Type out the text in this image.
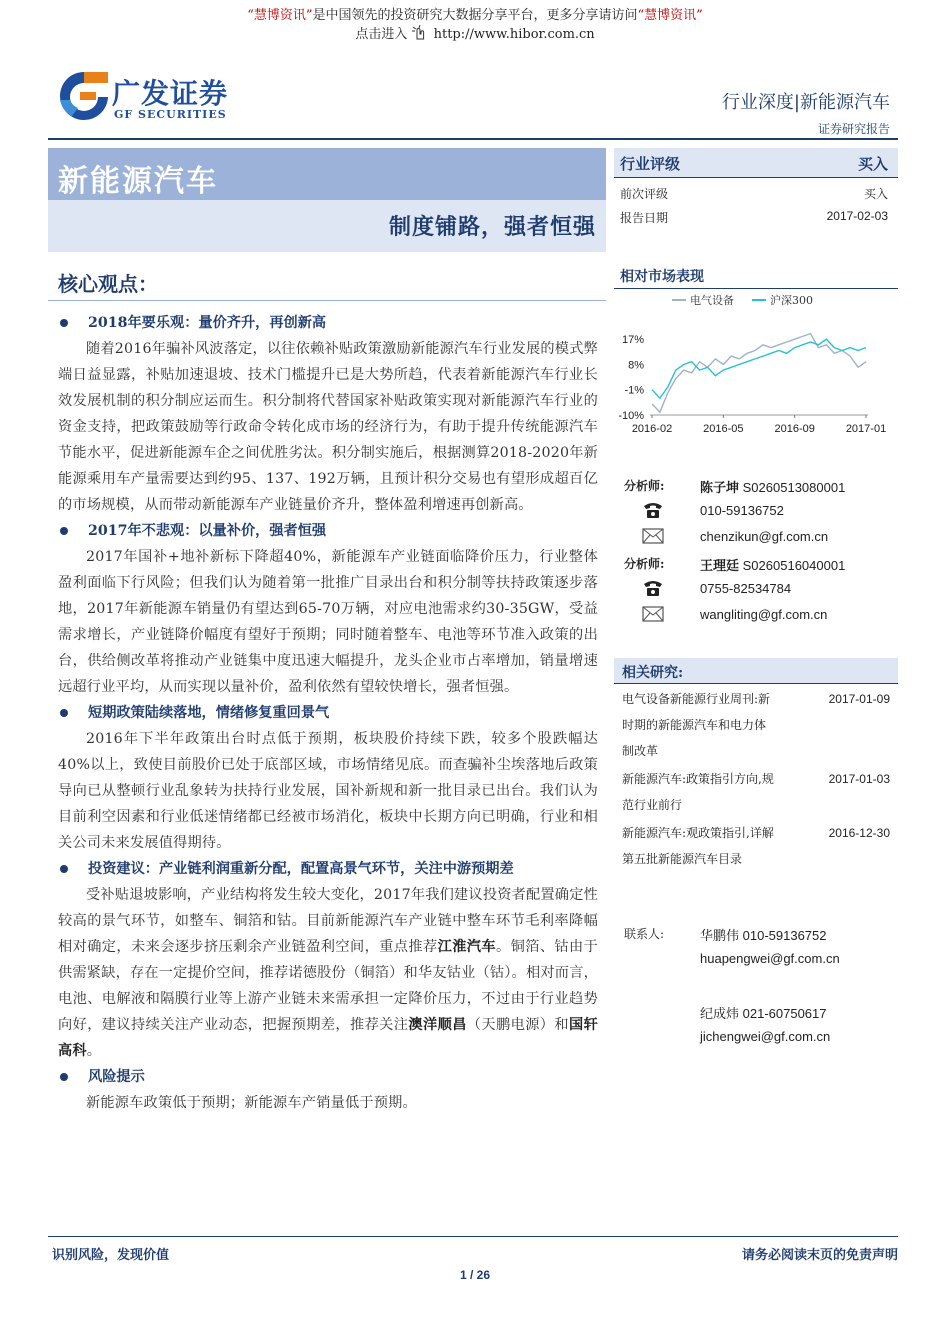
“慧博资讯”是中国领先的投资研究大数据分享平台，更多分享请访问“慧博资讯”
点击进入 http://www.hibor.com.cn
广发证券
GF SECURITIES
行业深度|新能源汽车
证券研究报告
新能源汽车
制度铺路，强者恒强
行业评级	买入
前次评级	买入
报告日期	2017-02-03
核心观点：
2018年要乐观：量价齐升，再创新高
随着2016年骗补风波落定，以往依赖补贴政策激励新能源汽车行业发展的模式弊端日益显露，补贴加速退坡、技术门槛提升已是大势所趋，代表着新能源汽车行业长效发展机制的积分制应运而生。积分制将代替国家补贴政策实现对新能源汽车行业的资金支持，把政策鼓励等行政命令转化成市场的经济行为，有助于提升传统能源汽车节能水平，促进新能源车企之间优胜劣汰。积分制实施后，根据测算2018-2020年新能源乘用车产量需要达到约95、137、192万辆，且预计积分交易也有望形成超百亿的市场规模，从而带动新能源车产业链量价齐升，整体盈利增速再创新高。
2017年不悲观：以量补价，强者恒强
2017年国补+地补新标下降超40%，新能源车产业链面临降价压力，行业整体盈利面临下行风险；但我们认为随着第一批推广目录出台和积分制等扶持政策逐步落地，2017年新能源车销量仍有望达到65-70万辆，对应电池需求约30-35GW，受益需求增长，产业链降价幅度有望好于预期；同时随着整车、电池等环节准入政策的出台，供给侧改革将推动产业链集中度迅速大幅提升，龙头企业市占率增加，销量增速远超行业平均，从而实现以量补价，盈利依然有望较快增长，强者恒强。
短期政策陆续落地，情绪修复重回景气
2016年下半年政策出台时点低于预期，板块股价持续下跌，较多个股跌幅达40%以上，致使目前股价已处于底部区域，市场情绪见底。而查骗补尘埃落地后政策导向已从整顿行业乱象转为扶持行业发展，国补新规和新一批目录已出台。我们认为目前利空因素和行业低迷情绪都已经被市场消化，板块中长期方向已明确，行业和相关公司未来发展值得期待。
投资建议：产业链利润重新分配，配置高景气环节，关注中游预期差
受补贴退坡影响，产业结构将发生较大变化，2017年我们建议投资者配置确定性较高的景气环节，如整车、铜箔和钴。目前新能源汽车产业链中整车环节毛利率降幅相对确定，未来会逐步挤压剩余产业链盈利空间，重点推荐江淮汽车。铜箔、钴由于供需紧缺，存在一定提价空间，推荐诺德股份（铜箔）和华友钴业（钴）。相对而言，电池、电解液和隔膜行业等上游产业链未来需承担一定降价压力，不过由于行业趋势向好，建议持续关注产业动态，把握预期差，推荐关注澳洋顺昌（天鹏电源）和国轩高科。
风险提示
新能源车政策低于预期；新能源车产销量低于预期。
相对市场表现
电气设备	沪深300
17%
8%
-1%
-10%
2016-02	2016-05	2016-09	2017-01
分析师:	陈子坤 S0260513080001
010-59136752
chenzikun@gf.com.cn
分析师:	王理廷 S0260516040001
0755-82534784
wangliting@gf.com.cn
相关研究:
电气设备新能源行业周刊:新
时期的新能源汽车和电力体
制改革
2017-01-09
新能源汽车:政策指引方向,规
范行业前行
2017-01-03
新能源汽车:观政策指引,详解
第五批新能源汽车目录
2016-12-30
联系人:	华鹏伟 010-59136752
huapengwei@gf.com.cn
纪成炜 021-60750617
jichengwei@gf.com.cn
识别风险，发现价值	请务必阅读末页的免责声明
1 / 26
